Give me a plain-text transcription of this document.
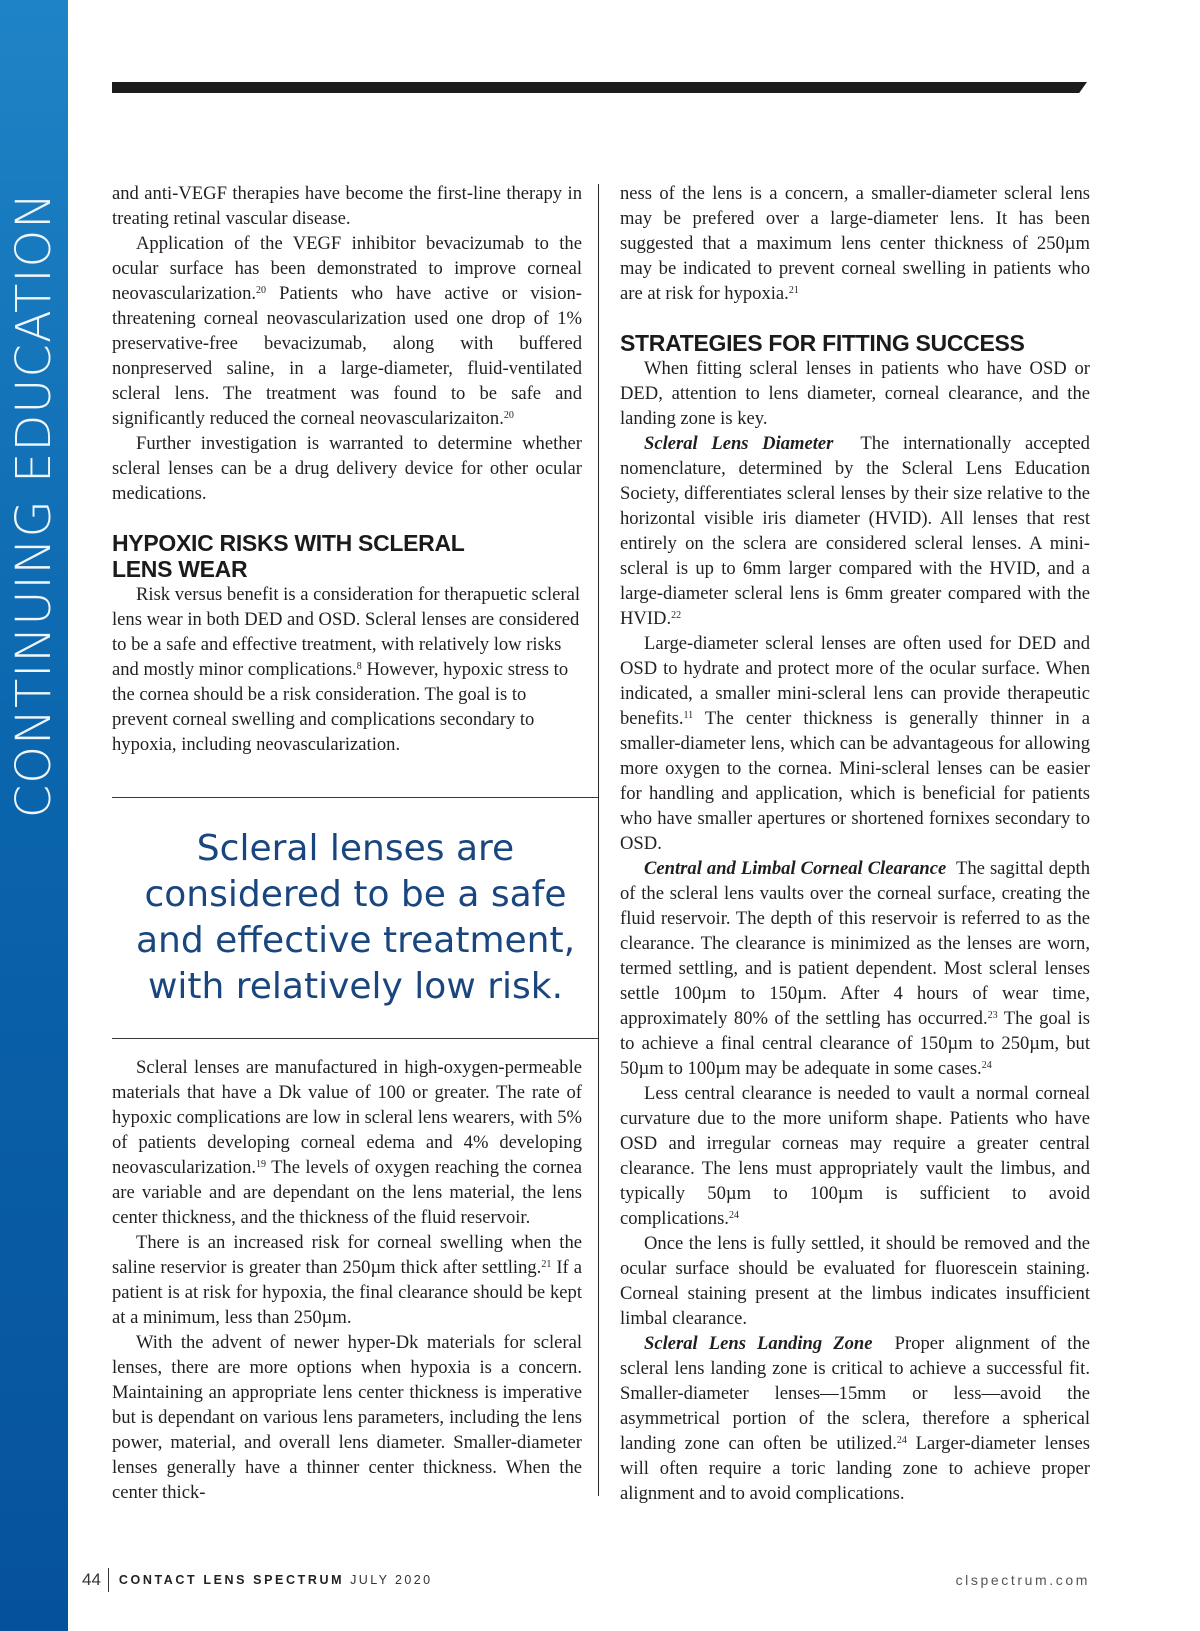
CONTINUING EDUCATION	and anti-VEGF therapies have become the first-line therapy in treating retinal vascular disease.

Application of the VEGF inhibitor bevacizumab to the ocular surface has been demonstrated to improve corneal neovascularization.$^{20}$ Patients who have active or vision-threatening corneal neovascularization used one drop of 1% preservative-free bevacizumab, along with buffered nonpreserved saline, in a large-diameter, fluid-ventilated scleral lens. The treatment was found to be safe and significantly reduced the corneal neovascularizaiton.$^{20}$

Further investigation is warranted to determine whether scleral lenses can be a drug delivery device for other ocular medications.

HYPOXIC RISKS WITH SCLERAL LENS WEAR

Risk versus benefit is a consideration for therapuetic scleral lens wear in both DED and OSD. Scleral lenses are considered to be a safe and effective treatment, with relatively low risks and mostly minor complications.$^8$ However, hypoxic stress to the cornea should be a risk consideration. The goal is to prevent corneal swelling and complications secondary to hypoxia, including neovascularization.

Scleral lenses are considered to be a safe and effective treatment, with relatively low risk.

Scleral lenses are manufactured in high-oxygen-permeable materials that have a Dk value of 100 or greater. The rate of hypoxic complications are low in scleral lens wearers, with 5% of patients developing corneal edema and 4% developing neovascularization.$^{19}$ The levels of oxygen reaching the cornea are variable and are dependant on the lens material, the lens center thickness, and the thickness of the fluid reservoir.

There is an increased risk for corneal swelling when the saline reservior is greater than 250µm thick after settling.$^{21}$ If a patient is at risk for hypoxia, the final clearance should be kept at a minimum, less than 250µm.

With the advent of newer hyper-Dk materials for scleral lenses, there are more options when hypoxia is a concern. Maintaining an appropriate lens center thickness is imperative but is dependant on various lens parameters, including the lens power, material, and overall lens diameter. Smaller-diameter lenses generally have a thinner center thickness. When the center thick-

ness of the lens is a concern, a smaller-diameter scleral lens may be prefered over a large-diameter lens. It has been suggested that a maximum lens center thickness of 250µm may be indicated to prevent corneal swelling in patients who are at risk for hypoxia.$^{21}$

STRATEGIES FOR FITTING SUCCESS

When fitting scleral lenses in patients who have OSD or DED, attention to lens diameter, corneal clearance, and the landing zone is key.

Scleral Lens Diameter The internationally accepted nomenclature, determined by the Scleral Lens Education Society, differentiates scleral lenses by their size relative to the horizontal visible iris diameter (HVID). All lenses that rest entirely on the sclera are considered scleral lenses. A mini-scleral is up to 6mm larger compared with the HVID, and a large-diameter scleral lens is 6mm greater compared with the HVID.$^{22}$

Large-diameter scleral lenses are often used for DED and OSD to hydrate and protect more of the ocular surface. When indicated, a smaller mini-scleral lens can provide therapeutic benefits.$^{11}$ The center thickness is generally thinner in a smaller-diameter lens, which can be advantageous for allowing more oxygen to the cornea. Mini-scleral lenses can be easier for handling and application, which is beneficial for patients who have smaller apertures or shortened fornixes secondary to OSD.

Central and Limbal Corneal Clearance The sagittal depth of the scleral lens vaults over the corneal surface, creating the fluid reservoir. The depth of this reservoir is referred to as the clearance. The clearance is minimized as the lenses are worn, termed settling, and is patient dependent. Most scleral lenses settle 100µm to 150µm. After 4 hours of wear time, approximately 80% of the settling has occurred.$^{23}$ The goal is to achieve a final central clearance of 150µm to 250µm, but 50µm to 100µm may be adequate in some cases.$^{24}$

Less central clearance is needed to vault a normal corneal curvature due to the more uniform shape. Patients who have OSD and irregular corneas may require a greater central clearance. The lens must appropriately vault the limbus, and typically 50µm to 100µm is sufficient to avoid complications.$^{24}$

Once the lens is fully settled, it should be removed and the ocular surface should be evaluated for fluorescein staining. Corneal staining present at the limbus indicates insufficient limbal clearance.

Scleral Lens Landing Zone Proper alignment of the scleral lens landing zone is critical to achieve a successful fit. Smaller-diameter lenses—15mm or less—avoid the asymmetrical portion of the sclera, therefore a spherical landing zone can often be utilized.$^{24}$ Larger-diameter lenses will often require a toric landing zone to achieve proper alignment and to avoid complications.

44 CONTACT LENS SPECTRUM JULY 2020	clspectrum.com
